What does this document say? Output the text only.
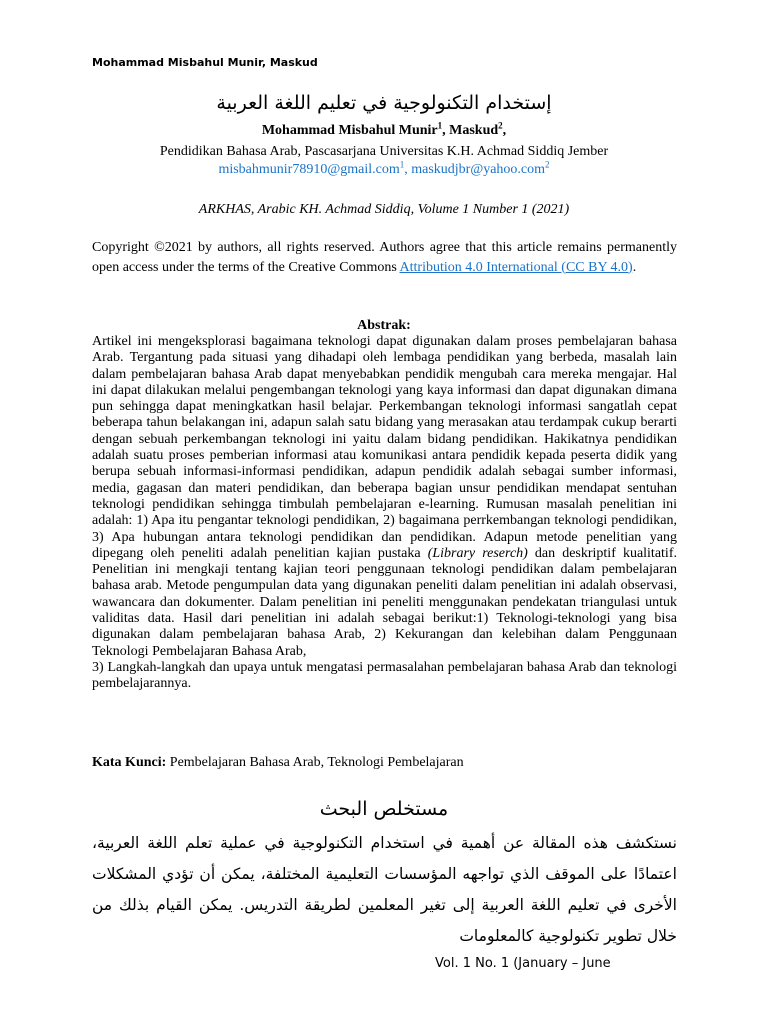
Mohammad Misbahul Munir, Maskud
إستخدام التكنولوجية في تعليم اللغة العربية
Mohammad Misbahul Munir$^1$, Maskud$^2$,
Pendidikan Bahasa Arab, Pascasarjana Universitas K.H. Achmad Siddiq Jember
misbahmunir78910@gmail.com$^1$, maskudjbr@yahoo.com$^2$
ARKHAS, Arabic KH. Achmad Siddiq, Volume 1 Number 1 (2021)
Copyright ©2021 by authors, all rights reserved. Authors agree that this article remains permanently open access under the terms of the Creative Commons Attribution 4.0 International (CC BY 4.0).
Abstrak:

Artikel ini mengeksplorasi bagaimana teknologi dapat digunakan dalam proses pembelajaran bahasa Arab. Tergantung pada situasi yang dihadapi oleh lembaga pendidikan yang berbeda, masalah lain dalam pembelajaran bahasa Arab dapat menyebabkan pendidik mengubah cara mereka mengajar. Hal ini dapat dilakukan melalui pengembangan teknologi yang kaya informasi dan dapat digunakan dimana pun sehingga dapat meningkatkan hasil belajar. Perkembangan teknologi informasi sangatlah cepat beberapa tahun belakangan ini, adapun salah satu bidang yang merasakan atau terdampak cukup berarti dengan sebuah perkembangan teknologi ini yaitu dalam bidang pendidikan. Hakikatnya pendidikan adalah suatu proses pemberian informasi atau komunikasi antara pendidik kepada peserta didik yang berupa sebuah informasi-informasi pendidikan, adapun pendidik adalah sebagai sumber informasi, media, gagasan dan materi pendidikan, dan beberapa bagian unsur pendidikan mendapat sentuhan teknologi pendidikan sehingga timbulah pembelajaran e-learning. Rumusan masalah penelitian ini adalah: 1) Apa itu pengantar teknologi pendidikan, 2) bagaimana perrkembangan teknologi pendidikan, 3) Apa hubungan antara teknologi pendidikan dan pendidikan. Adapun metode penelitian yang dipegang oleh peneliti adalah penelitian kajian pustaka (Library reserch) dan deskriptif kualitatif. Penelitian ini mengkaji tentang kajian teori penggunaan teknologi pendidikan dalam pembelajaran bahasa arab. Metode pengumpulan data yang digunakan peneliti dalam penelitian ini adalah observasi, wawancara dan dokumenter. Dalam penelitian ini peneliti menggunakan pendekatan triangulasi untuk validitas data. Hasil dari penelitian ini adalah sebagai berikut:1) Teknologi-teknologi yang bisa digunakan dalam pembelajaran bahasa Arab, 2) Kekurangan dan kelebihan dalam Penggunaan Teknologi Pembelajaran Bahasa Arab,

3) Langkah-langkah dan upaya untuk mengatasi permasalahan pembelajaran bahasa Arab dan teknologi pembelajarannya.

Kata Kunci: Pembelajaran Bahasa Arab, Teknologi Pembelajaran
مستخلص البحث
نستكشف هذه المقالة عن أهمية في استخدام التكنولوجية في عملية تعلم اللغة العربية، اعتمادًا على الموقف الذي تواجهه المؤسسات التعليمية المختلفة، يمكن أن تؤدي المشكلات الأخرى في تعليم اللغة العربية إلى تغير المعلمين لطريقة التدريس. يمكن القيام بذلك من خلال تطوير تكنولوجية كالمعلومات
Vol. 1 No. 1 (January – June
